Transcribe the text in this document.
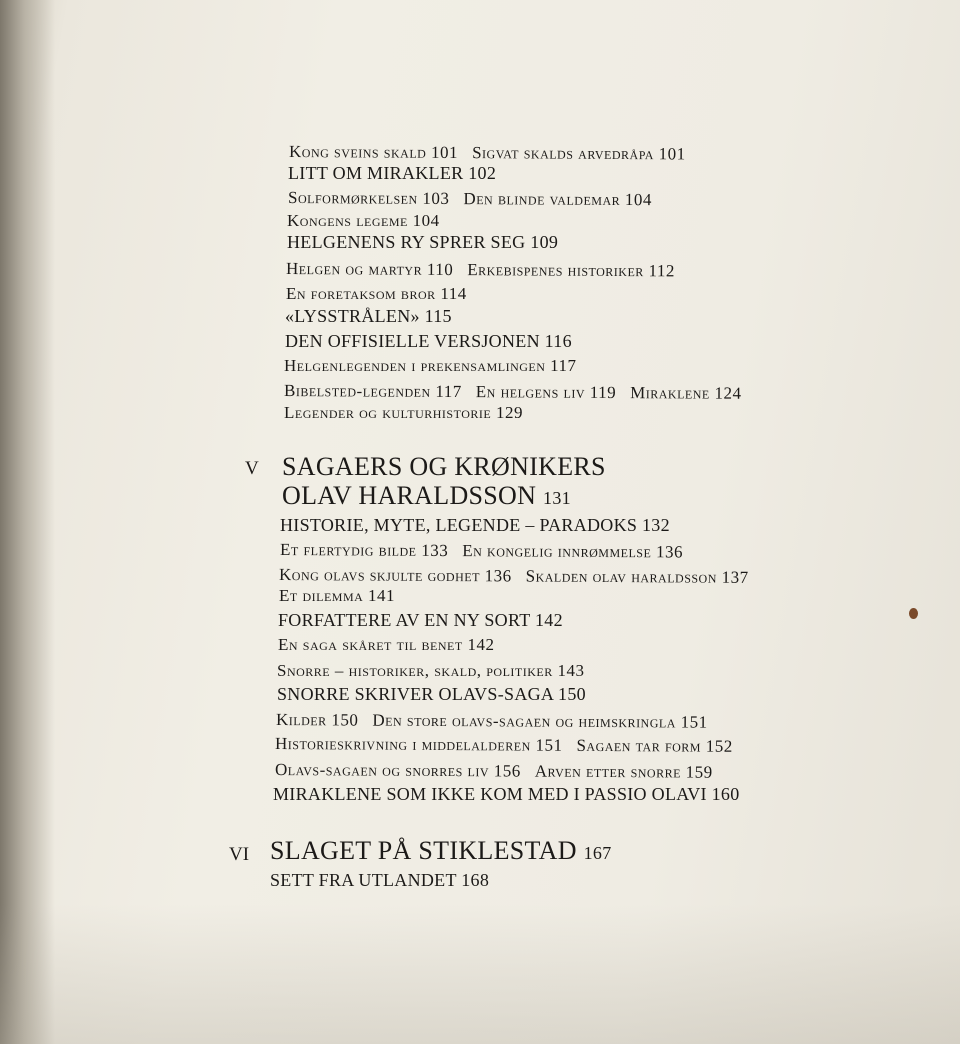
Kong sveins skald 101 Sigvat skalds arvedråpa 101
LITT OM MIRAKLER 102
Solformørkelsen 103 Den blinde valdemar 104
Kongens legeme 104
HELGENENS RY SPRER SEG 109
Helgen og martyr 110 Erkebispenes historiker 112
En foretaksom bror 114
«LYSSTRÅLEN» 115
DEN OFFISIELLE VERSJONEN 116
Helgenlegenden i prekensamlingen 117
Bibelsted-legenden 117 En helgens liv 119 Miraklene 124
Legender og kulturhistorie 129
V SAGAERS OG KRØNIKERS
OLAV HARALDSSON 131
HISTORIE, MYTE, LEGENDE – PARADOKS 132
Et flertydig bilde 133 En kongelig innrømmelse 136
Kong olavs skjulte godhet 136 Skalden olav haraldsson 137
Et dilemma 141
FORFATTERE AV EN NY SORT 142
En saga skåret til benet 142
Snorre – historiker, skald, politiker 143
SNORRE SKRIVER OLAVS-SAGA 150
Kilder 150 Den store olavs-sagaen og heimskringla 151
Historieskrivning i middelalderen 151 Sagaen tar form 152
Olavs-sagaen og snorres liv 156 Arven etter snorre 159
MIRAKLENE SOM IKKE KOM MED I PASSIO OLAVI 160
VI SLAGET PÅ STIKLESTAD 167
SETT FRA UTLANDET 168
